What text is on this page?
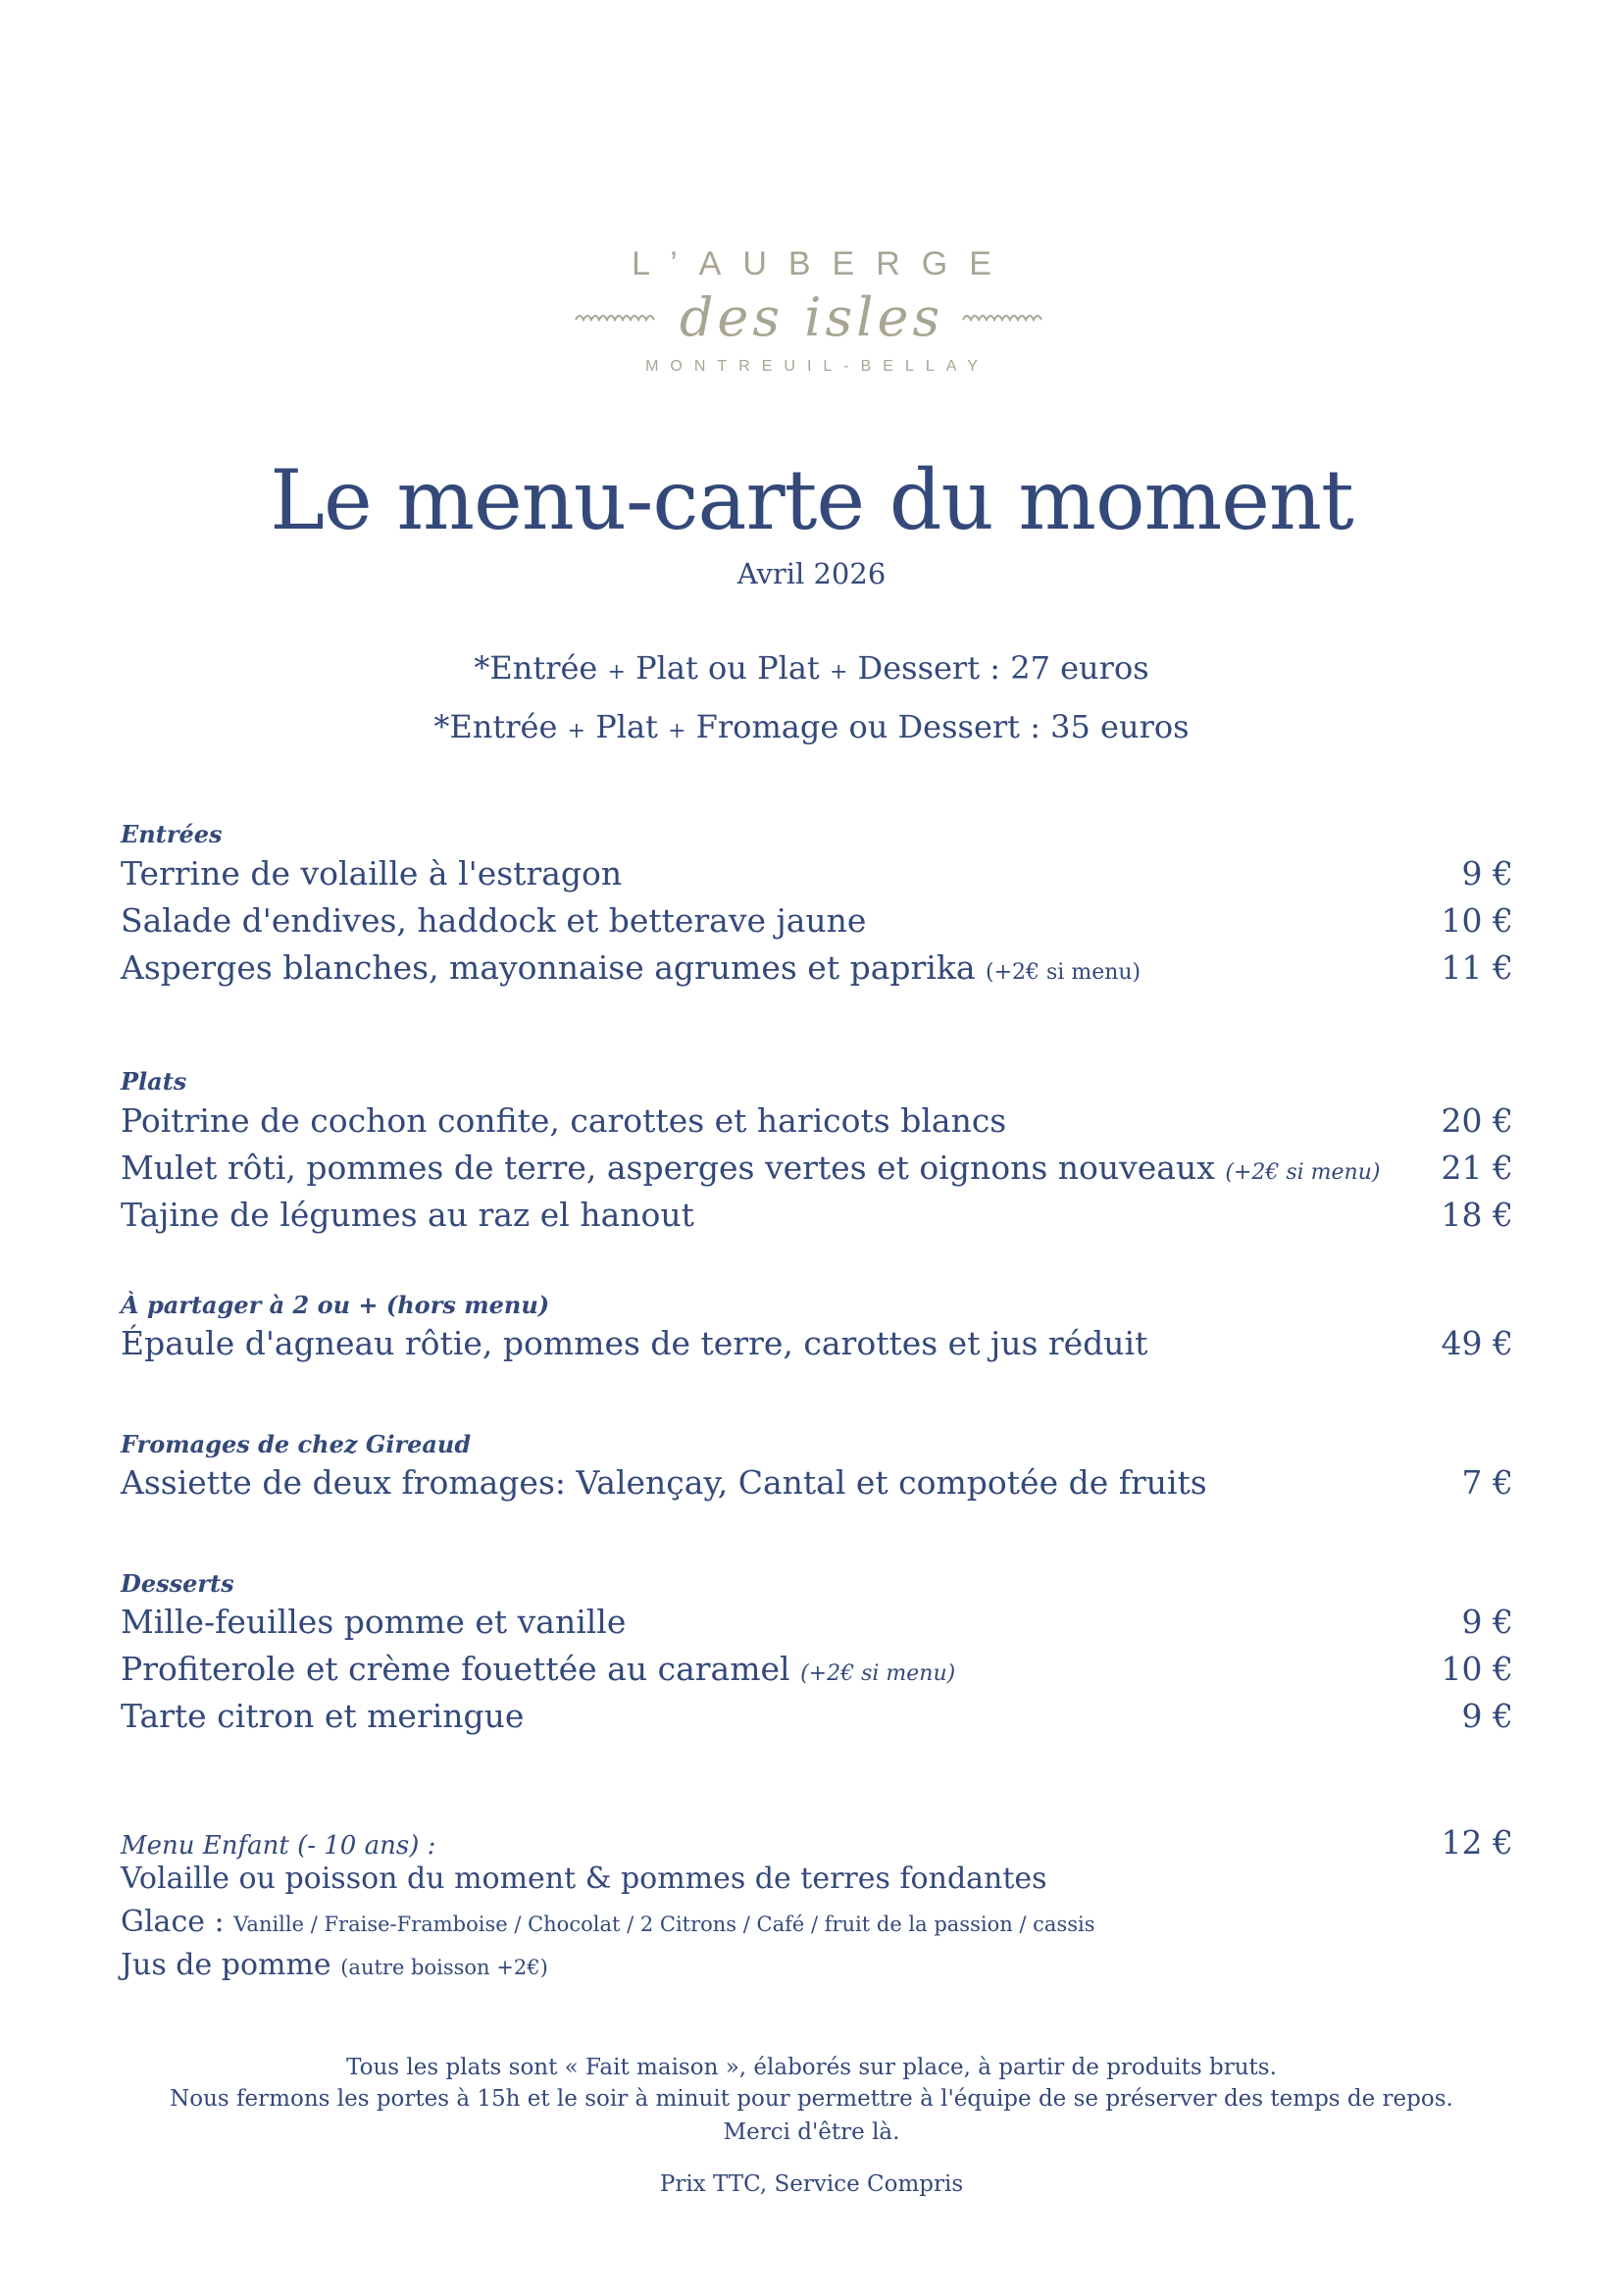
L’AUBERGE
des isles
MONTREUIL-BELLAY
Le menu-carte du moment
Avril 2026
*Entrée + Plat ou Plat + Dessert : 27 euros
*Entrée + Plat + Fromage ou Dessert : 35 euros
Entrées
Terrine de volaille à l'estragon	9 €
Salade d'endives, haddock et betterave jaune	10 €
Asperges blanches, mayonnaise agrumes et paprika (+2€ si menu)	11 €
Plats
Poitrine de cochon confite, carottes et haricots blancs	20 €
Mulet rôti, pommes de terre, asperges vertes et oignons nouveaux (+2€ si menu) 21 €
Tajine de légumes au raz el hanout	18 €
À partager à 2 ou + (hors menu)
Épaule d'agneau rôtie, pommes de terre, carottes et jus réduit	49 €
Fromages de chez Gireaud
Assiette de deux fromages: Valençay, Cantal et compotée de fruits	7 €
Desserts
Mille-feuilles pomme et vanille	9 €
Profiterole et crème fouettée au caramel (+2€ si menu)	10 €
Tarte citron et meringue	9 €
Menu Enfant (- 10 ans) :	12 €
Volaille ou poisson du moment & pommes de terres fondantes
Glace : Vanille / Fraise-Framboise / Chocolat / 2 Citrons / Café / fruit de la passion / cassis
Jus de pomme (autre boisson +2€)
Tous les plats sont « Fait maison », élaborés sur place, à partir de produits bruts.
Nous fermons les portes à 15h et le soir à minuit pour permettre à l'équipe de se préserver des temps de repos.
Merci d'être là.
Prix TTC, Service Compris
